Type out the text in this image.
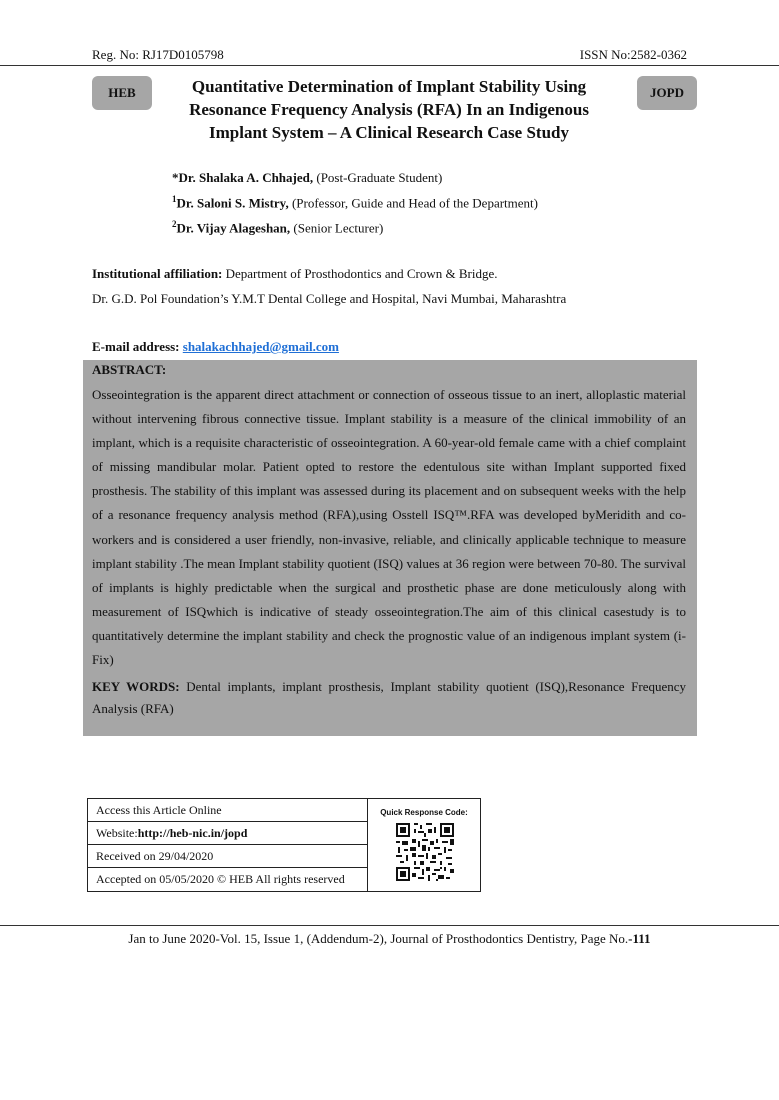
Reg. No: RJ17D0105798	ISSN No:2582-0362
HEB	JOPD
Quantitative Determination of Implant Stability Using Resonance Frequency Analysis (RFA) In an Indigenous Implant System – A Clinical Research Case Study
*Dr. Shalaka A. Chhajed, (Post-Graduate Student)
$^1$Dr. Saloni S. Mistry, (Professor, Guide and Head of the Department)
$^2$Dr. Vijay Alageshan, (Senior Lecturer)
Institutional affiliation: Department of Prosthodontics and Crown & Bridge.
Dr. G.D. Pol Foundation’s Y.M.T Dental College and Hospital, Navi Mumbai, Maharashtra
E-mail address: shalakachhajed@gmail.com
ABSTRACT:
Osseointegration is the apparent direct attachment or connection of osseous tissue to an inert, alloplastic material without intervening fibrous connective tissue. Implant stability is a measure of the clinical immobility of an implant, which is a requisite characteristic of osseointegration. A 60-year-old female came with a chief complaint of missing mandibular molar. Patient opted to restore the edentulous site withan Implant supported fixed prosthesis. The stability of this implant was assessed during its placement and on subsequent weeks with the help of a resonance frequency analysis method (RFA),using Osstell ISQ™.RFA was developed byMeridith and co-workers and is considered a user friendly, non-invasive, reliable, and clinically applicable technique to measure implant stability .The mean Implant stability quotient (ISQ) values at 36 region were between 70-80. The survival of implants is highly predictable when the surgical and prosthetic phase are done meticulously along with measurement of ISQwhich is indicative of steady osseointegration.The aim of this clinical casestudy is to quantitatively determine the implant stability and check the prognostic value of an indigenous implant system (i- Fix)
KEY WORDS: Dental implants, implant prosthesis, Implant stability quotient (ISQ),Resonance Frequency Analysis (RFA)
Access this Article Online
Website:http://heb-nic.in/jopd
Received on 29/04/2020
Accepted on 05/05/2020 © HEB All rights reserved
Quick Response Code:
Jan to June 2020-Vol. 15, Issue 1, (Addendum-2), Journal of Prosthodontics Dentistry, Page No.-111
